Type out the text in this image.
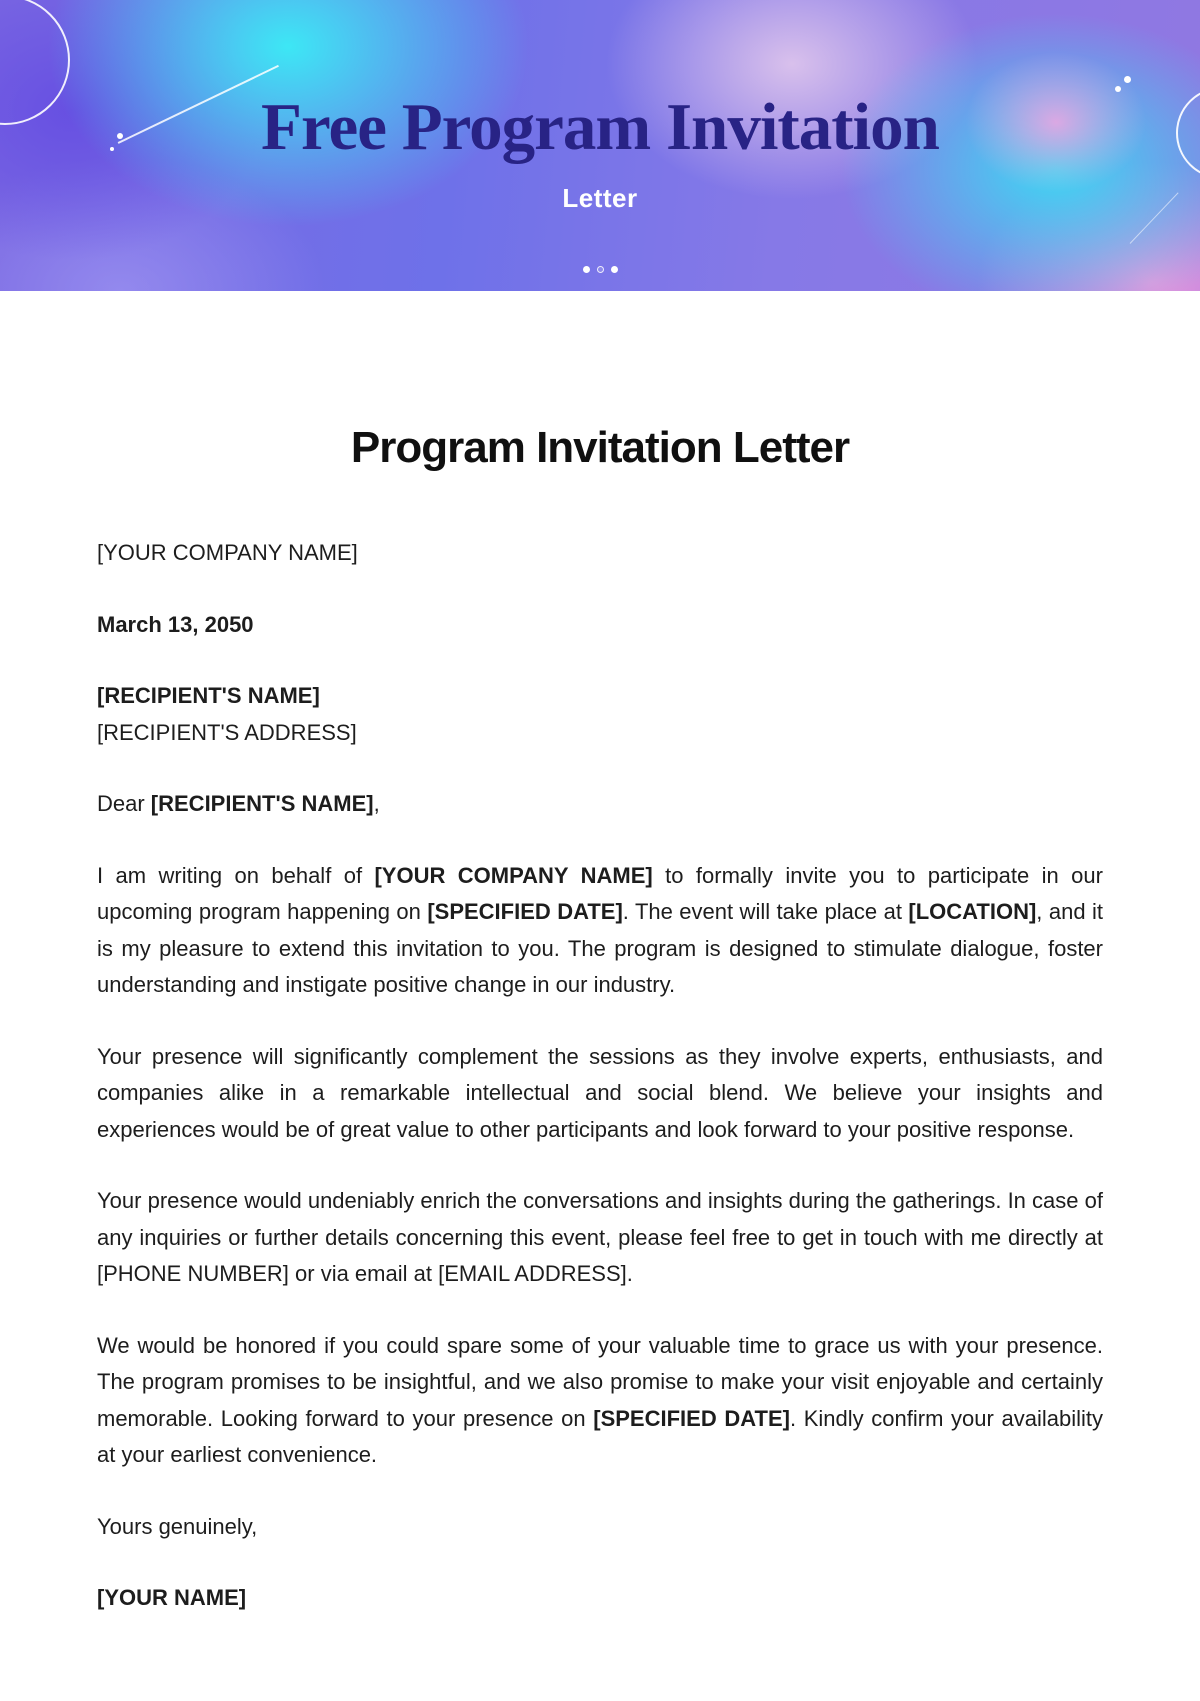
Free Program Invitation
Letter
Program Invitation Letter

[YOUR COMPANY NAME]

March 13, 2050

[RECIPIENT'S NAME]

[RECIPIENT'S ADDRESS]

Dear [RECIPIENT'S NAME],

I am writing on behalf of [YOUR COMPANY NAME] to formally invite you to participate in our upcoming program happening on [SPECIFIED DATE]. The event will take place at [LOCATION], and it is my pleasure to extend this invitation to you. The program is designed to stimulate dialogue, foster understanding and instigate positive change in our industry.

Your presence will significantly complement the sessions as they involve experts, enthusiasts, and companies alike in a remarkable intellectual and social blend. We believe your insights and experiences would be of great value to other participants and look forward to your positive response.

Your presence would undeniably enrich the conversations and insights during the gatherings. In case of any inquiries or further details concerning this event, please feel free to get in touch with me directly at [PHONE NUMBER] or via email at [EMAIL ADDRESS].

We would be honored if you could spare some of your valuable time to grace us with your presence. The program promises to be insightful, and we also promise to make your visit enjoyable and certainly memorable. Looking forward to your presence on [SPECIFIED DATE]. Kindly confirm your availability at your earliest convenience.

Yours genuinely,

[YOUR NAME]
